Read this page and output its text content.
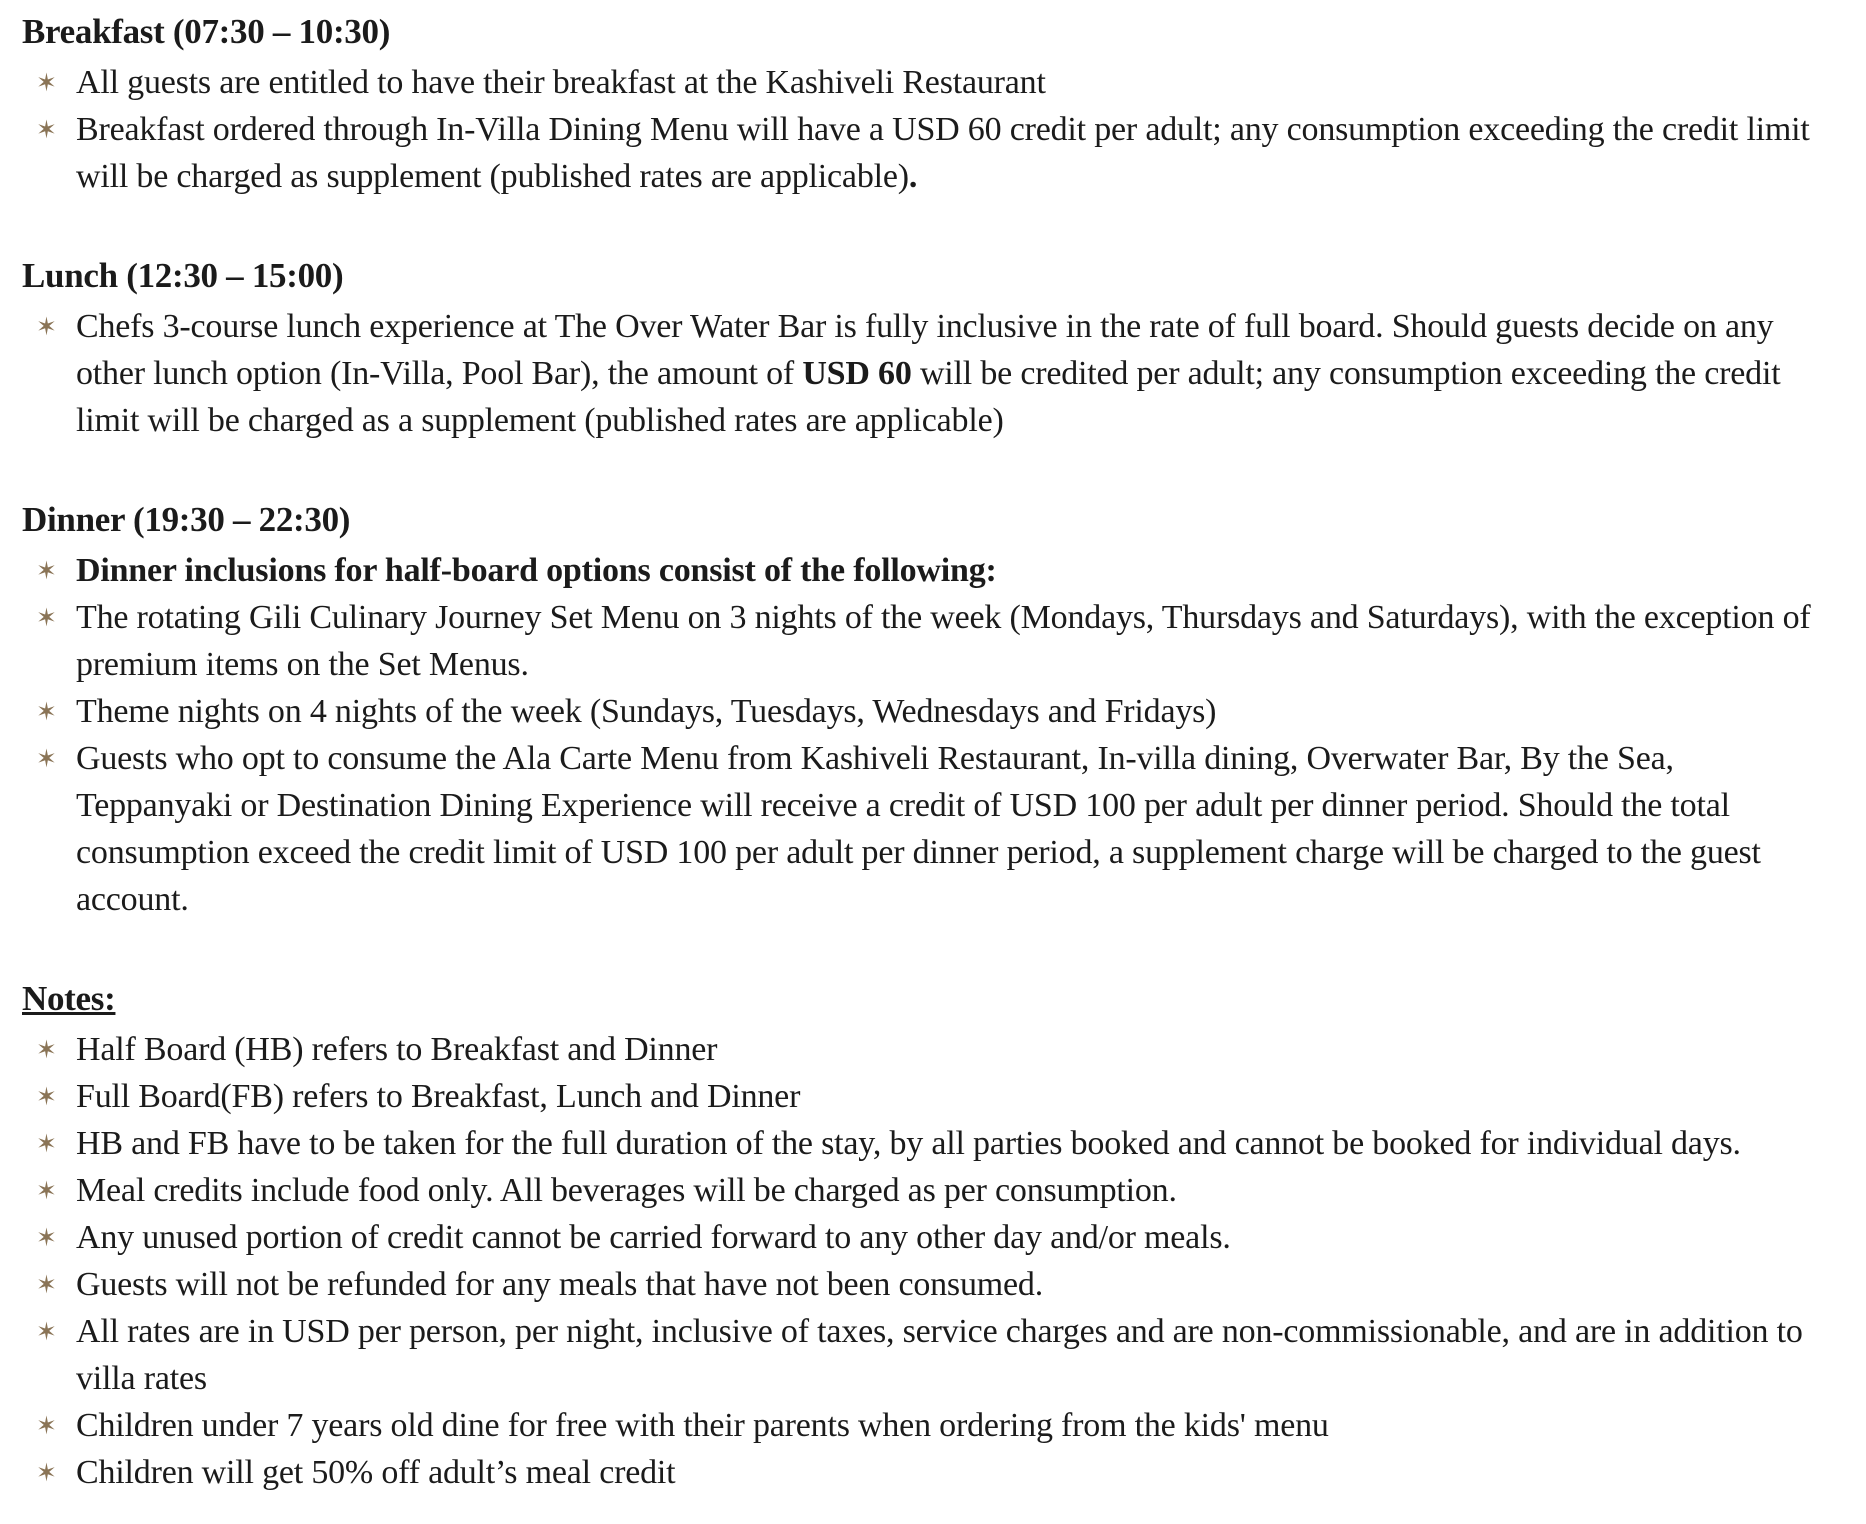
Breakfast (07:30 – 10:30)
✶ All guests are entitled to have their breakfast at the Kashiveli Restaurant
✶ Breakfast ordered through In-Villa Dining Menu will have a USD 60 credit per adult; any consumption exceeding the credit limit will be charged as supplement (published rates are applicable).
Lunch (12:30 – 15:00)
✶ Chefs 3-course lunch experience at The Over Water Bar is fully inclusive in the rate of full board. Should guests decide on any other lunch option (In-Villa, Pool Bar), the amount of USD 60 will be credited per adult; any consumption exceeding the credit limit will be charged as a supplement (published rates are applicable)
Dinner (19:30 – 22:30)
✶ Dinner inclusions for half-board options consist of the following:
✶ The rotating Gili Culinary Journey Set Menu on 3 nights of the week (Mondays, Thursdays and Saturdays), with the exception of premium items on the Set Menus.
✶ Theme nights on 4 nights of the week (Sundays, Tuesdays, Wednesdays and Fridays)
✶ Guests who opt to consume the Ala Carte Menu from Kashiveli Restaurant, In-villa dining, Overwater Bar, By the Sea, Teppanyaki or Destination Dining Experience will receive a credit of USD 100 per adult per dinner period. Should the total consumption exceed the credit limit of USD 100 per adult per dinner period, a supplement charge will be charged to the guest account.
Notes:
✶ Half Board (HB) refers to Breakfast and Dinner
✶ Full Board(FB) refers to Breakfast, Lunch and Dinner
✶ HB and FB have to be taken for the full duration of the stay, by all parties booked and cannot be booked for individual days.
✶ Meal credits include food only. All beverages will be charged as per consumption.
✶ Any unused portion of credit cannot be carried forward to any other day and/or meals.
✶ Guests will not be refunded for any meals that have not been consumed.
✶ All rates are in USD per person, per night, inclusive of taxes, service charges and are non-commissionable, and are in addition to villa rates
✶ Children under 7 years old dine for free with their parents when ordering from the kids' menu
✶ Children will get 50% off adult’s meal credit
